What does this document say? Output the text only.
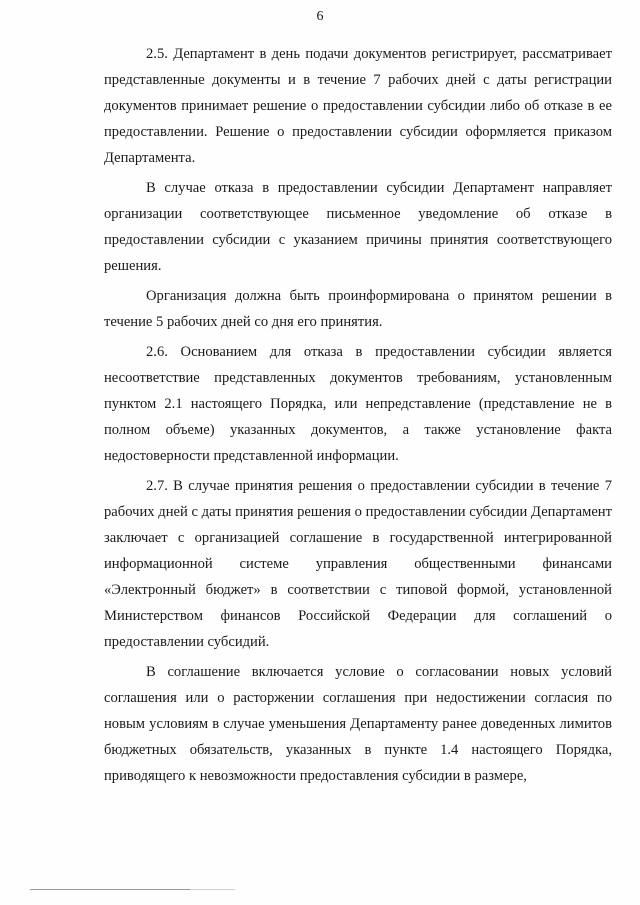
6

2.5. Департамент в день подачи документов регистрирует, рассматривает представленные документы и в течение 7 рабочих дней с даты регистрации документов принимает решение о предоставлении субсидии либо об отказе в ее предоставлении. Решение о предоставлении субсидии оформляется приказом Департамента.

В случае отказа в предоставлении субсидии Департамент направляет организации соответствующее письменное уведомление об отказе в предоставлении субсидии с указанием причины принятия соответствующего решения.

Организация должна быть проинформирована о принятом решении в течение 5 рабочих дней со дня его принятия.

2.6. Основанием для отказа в предоставлении субсидии является несоответствие представленных документов требованиям, установленным пунктом 2.1 настоящего Порядка, или непредставление (представление не в полном объеме) указанных документов, а также установление факта недостоверности представленной информации.

2.7. В случае принятия решения о предоставлении субсидии в течение 7 рабочих дней с даты принятия решения о предоставлении субсидии Департамент заключает с организацией соглашение в государственной интегрированной информационной системе управления общественными финансами «Электронный бюджет» в соответствии с типовой формой, установленной Министерством финансов Российской Федерации для соглашений о предоставлении субсидий.

В соглашение включается условие о согласовании новых условий соглашения или о расторжении соглашения при недостижении согласия по новым условиям в случае уменьшения Департаменту ранее доведенных лимитов бюджетных обязательств, указанных в пункте 1.4 настоящего Порядка, приводящего к невозможности предоставления субсидии в размере,
